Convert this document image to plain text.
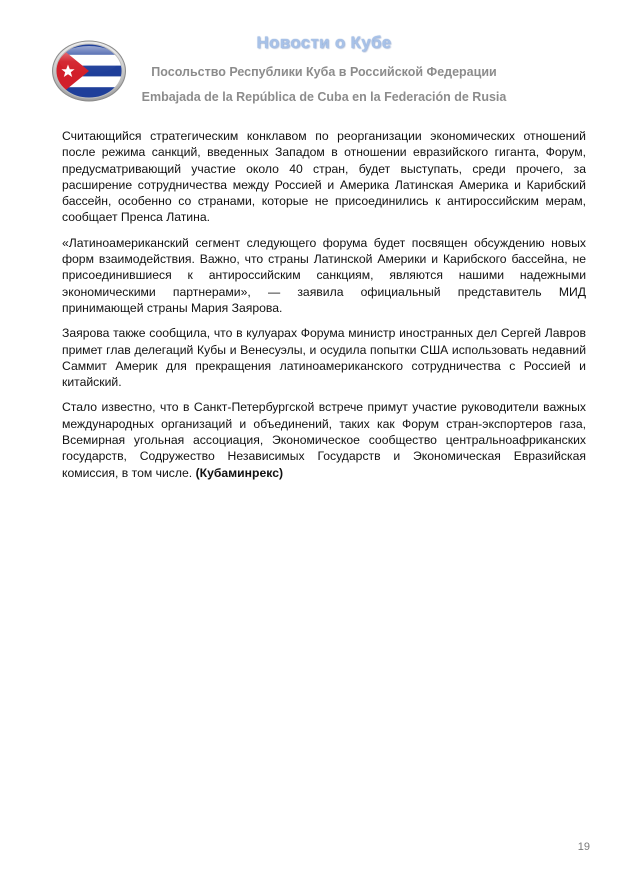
Новости о Кубе
Посольство Республики Куба в Российской Федерации
Embajada de la República de Cuba en la Federación de Rusia

Считающийся стратегическим конклавом по реорганизации экономических отношений после режима санкций, введенных Западом в отношении евразийского гиганта, Форум, предусматривающий участие около 40 стран, будет выступать, среди прочего, за расширение сотрудничества между Россией и Америка Латинская Америка и Карибский бассейн, особенно со странами, которые не присоединились к антироссийским мерам, сообщает Пренса Латина.

«Латиноамериканский сегмент следующего форума будет посвящен обсуждению новых форм взаимодействия. Важно, что страны Латинской Америки и Карибского бассейна, не присоединившиеся к антироссийским санкциям, являются нашими надежными экономическими партнерами», — заявила официальный представитель МИД принимающей страны Мария Заярова.

Заярова также сообщила, что в кулуарах Форума министр иностранных дел Сергей Лавров примет глав делегаций Кубы и Венесуэлы, и осудила попытки США использовать недавний Саммит Америк для прекращения латиноамериканского сотрудничества с Россией и китайский.

Стало известно, что в Санкт-Петербургской встрече примут участие руководители важных международных организаций и объединений, таких как Форум стран-экспортеров газа, Всемирная угольная ассоциация, Экономическое сообщество центральноафриканских государств, Содружество Независимых Государств и Экономическая Евразийская комиссия, в том числе. (Кубаминрекс)

19
